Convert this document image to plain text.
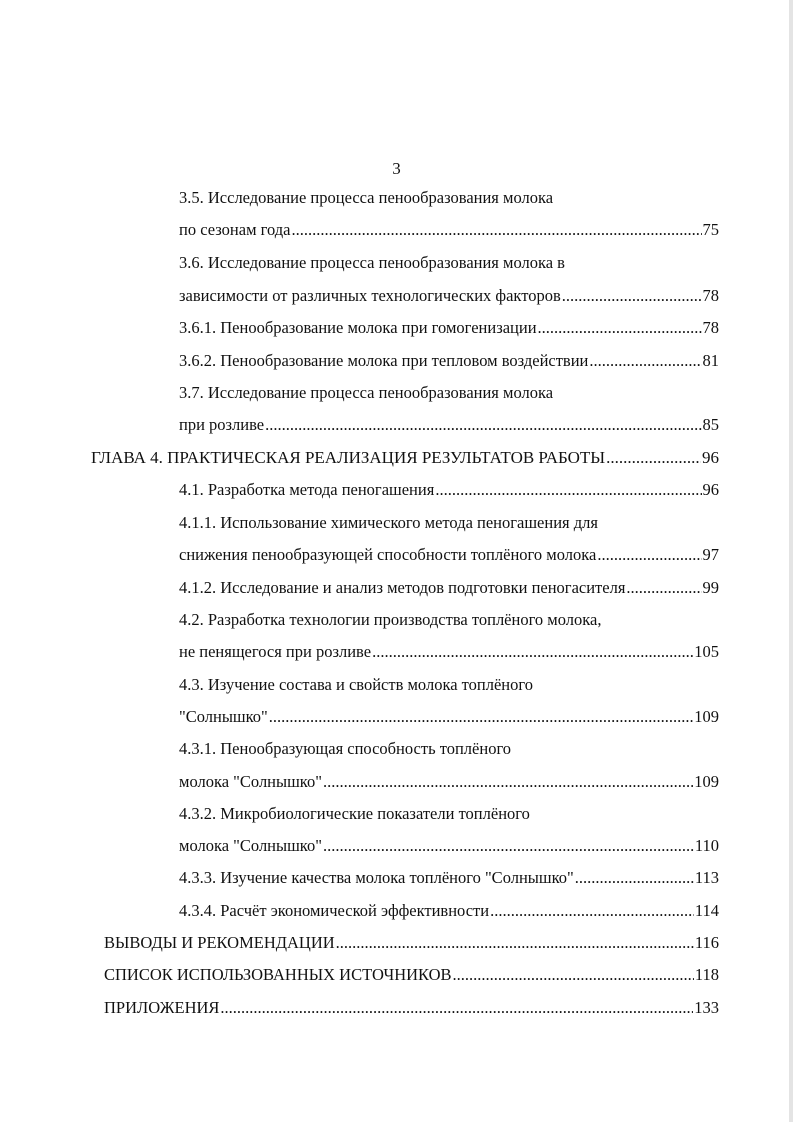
3
3.5. Исследование процесса пенообразования молока
по сезонам года .....	75
3.6. Исследование процесса пенообразования молока в
зависимости от различных технологических факторов .....	78
3.6.1. Пенообразование молока при гомогенизации .....	78
3.6.2. Пенообразование молока при тепловом воздействии .....	81
3.7. Исследование процесса пенообразования молока
при розливе .....	85
ГЛАВА 4. ПРАКТИЧЕСКАЯ РЕАЛИЗАЦИЯ РЕЗУЛЬТАТОВ РАБОТЫ .....	96
4.1. Разработка метода пеногашения .....	96
4.1.1. Использование химического метода пеногашения для
снижения пенообразующей способности топлёного молока .....	97
4.1.2. Исследование и анализ методов подготовки пеногасителя .....	99
4.2. Разработка технологии производства топлёного молока,
не пенящегося при розливе .....	105
4.3. Изучение состава и свойств молока топлёного
"Солнышко" .....	109
4.3.1. Пенообразующая способность топлёного
молока "Солнышко" .....	109
4.3.2. Микробиологические показатели топлёного
молока "Солнышко" .....	110
4.3.3. Изучение качества молока топлёного "Солнышко" .....	113
4.3.4. Расчёт экономической эффективности .....	114
ВЫВОДЫ И РЕКОМЕНДАЦИИ .....	116
СПИСОК ИСПОЛЬЗОВАННЫХ ИСТОЧНИКОВ .....	118
ПРИЛОЖЕНИЯ .....	133
